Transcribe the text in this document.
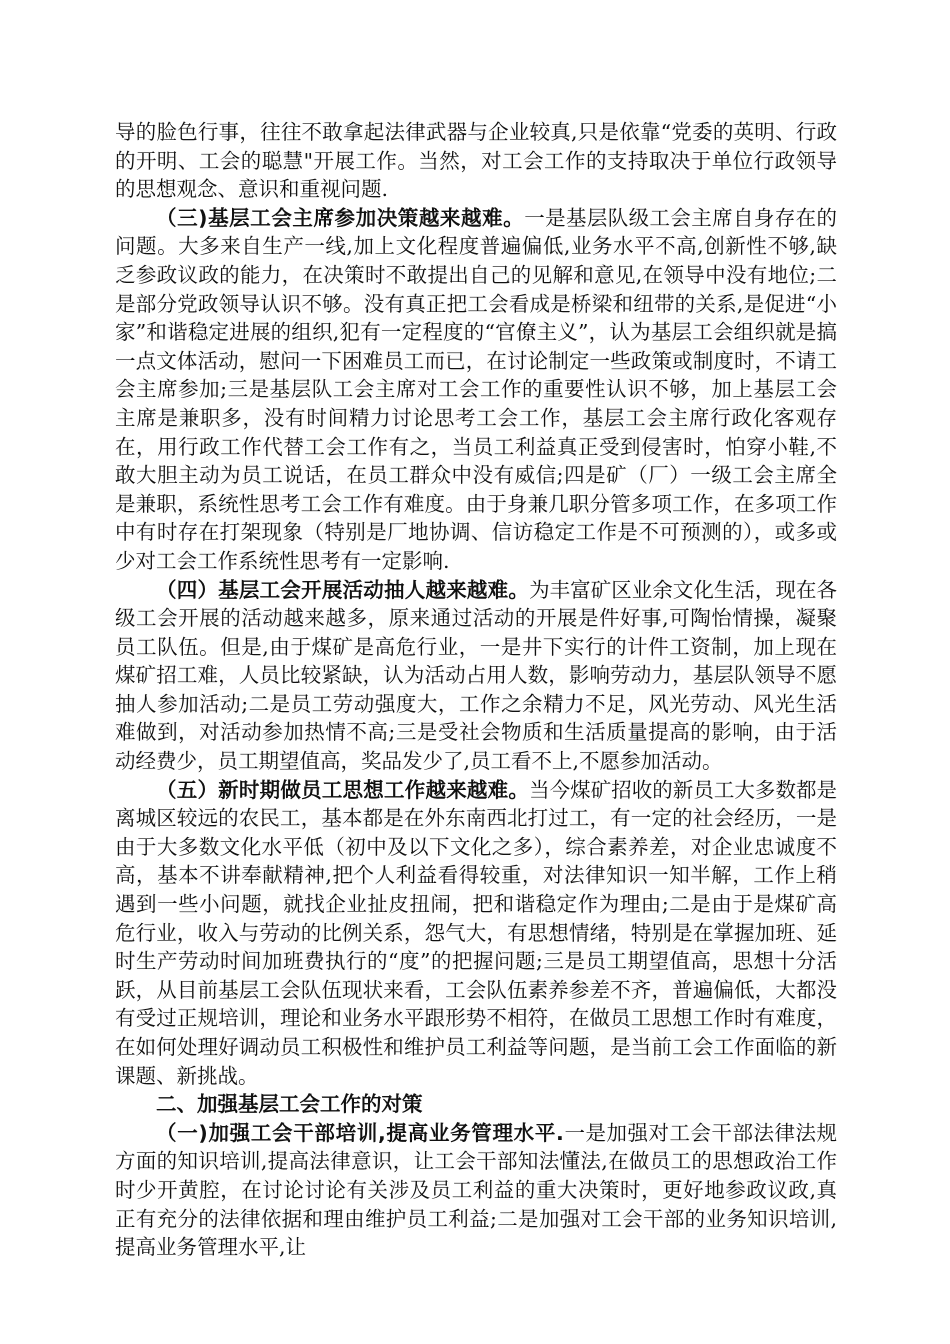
导的脸色行事，往往不敢拿起法律武器与企业较真,只是依靠“党委的英明、行政的开明、工会的聪慧"开展工作。当然，对工会工作的支持取决于单位行政领导的思想观念、意识和重视问题.

（三)基层工会主席参加决策越来越难。一是基层队级工会主席自身存在的问题。大多来自生产一线,加上文化程度普遍偏低,业务水平不高,创新性不够,缺乏参政议政的能力，在决策时不敢提出自己的见解和意见,在领导中没有地位;二是部分党政领导认识不够。没有真正把工会看成是桥梁和纽带的关系,是促进“小家”和谐稳定进展的组织,犯有一定程度的“官僚主义”，认为基层工会组织就是搞一点文体活动，慰问一下困难员工而已，在讨论制定一些政策或制度时，不请工会主席参加;三是基层队工会主席对工会工作的重要性认识不够，加上基层工会主席是兼职多，没有时间精力讨论思考工会工作，基层工会主席行政化客观存在，用行政工作代替工会工作有之，当员工利益真正受到侵害时，怕穿小鞋,不敢大胆主动为员工说话，在员工群众中没有威信;四是矿（厂）一级工会主席全是兼职，系统性思考工会工作有难度。由于身兼几职分管多项工作，在多项工作中有时存在打架现象（特别是厂地协调、信访稳定工作是不可预测的），或多或少对工会工作系统性思考有一定影响.

（四）基层工会开展活动抽人越来越难。为丰富矿区业余文化生活，现在各级工会开展的活动越来越多，原来通过活动的开展是件好事,可陶怡情操，凝聚员工队伍。但是,由于煤矿是高危行业，一是井下实行的计件工资制，加上现在煤矿招工难，人员比较紧缺，认为活动占用人数，影响劳动力，基层队领导不愿抽人参加活动;二是员工劳动强度大，工作之余精力不足，风光劳动、风光生活难做到，对活动参加热情不高;三是受社会物质和生活质量提高的影响，由于活动经费少，员工期望值高，奖品发少了,员工看不上,不愿参加活动。

（五）新时期做员工思想工作越来越难。当今煤矿招收的新员工大多数都是离城区较远的农民工，基本都是在外东南西北打过工，有一定的社会经历，一是由于大多数文化水平低（初中及以下文化之多），综合素养差，对企业忠诚度不高，基本不讲奉献精神,把个人利益看得较重，对法律知识一知半解，工作上稍遇到一些小问题，就找企业扯皮扭闹，把和谐稳定作为理由;二是由于是煤矿高危行业，收入与劳动的比例关系，怨气大，有思想情绪，特别是在掌握加班、延时生产劳动时间加班费执行的“度”的把握问题;三是员工期望值高，思想十分活跃，从目前基层工会队伍现状来看，工会队伍素养参差不齐，普遍偏低，大都没有受过正规培训，理论和业务水平跟形势不相符，在做员工思想工作时有难度，在如何处理好调动员工积极性和维护员工利益等问题，是当前工会工作面临的新课题、新挑战。

二、加强基层工会工作的对策

（一)加强工会干部培训,提高业务管理水平.一是加强对工会干部法律法规方面的知识培训,提高法律意识，让工会干部知法懂法,在做员工的思想政治工作时少开黄腔，在讨论讨论有关涉及员工利益的重大决策时，更好地参政议政,真正有充分的法律依据和理由维护员工利益;二是加强对工会干部的业务知识培训,提高业务管理水平,让
